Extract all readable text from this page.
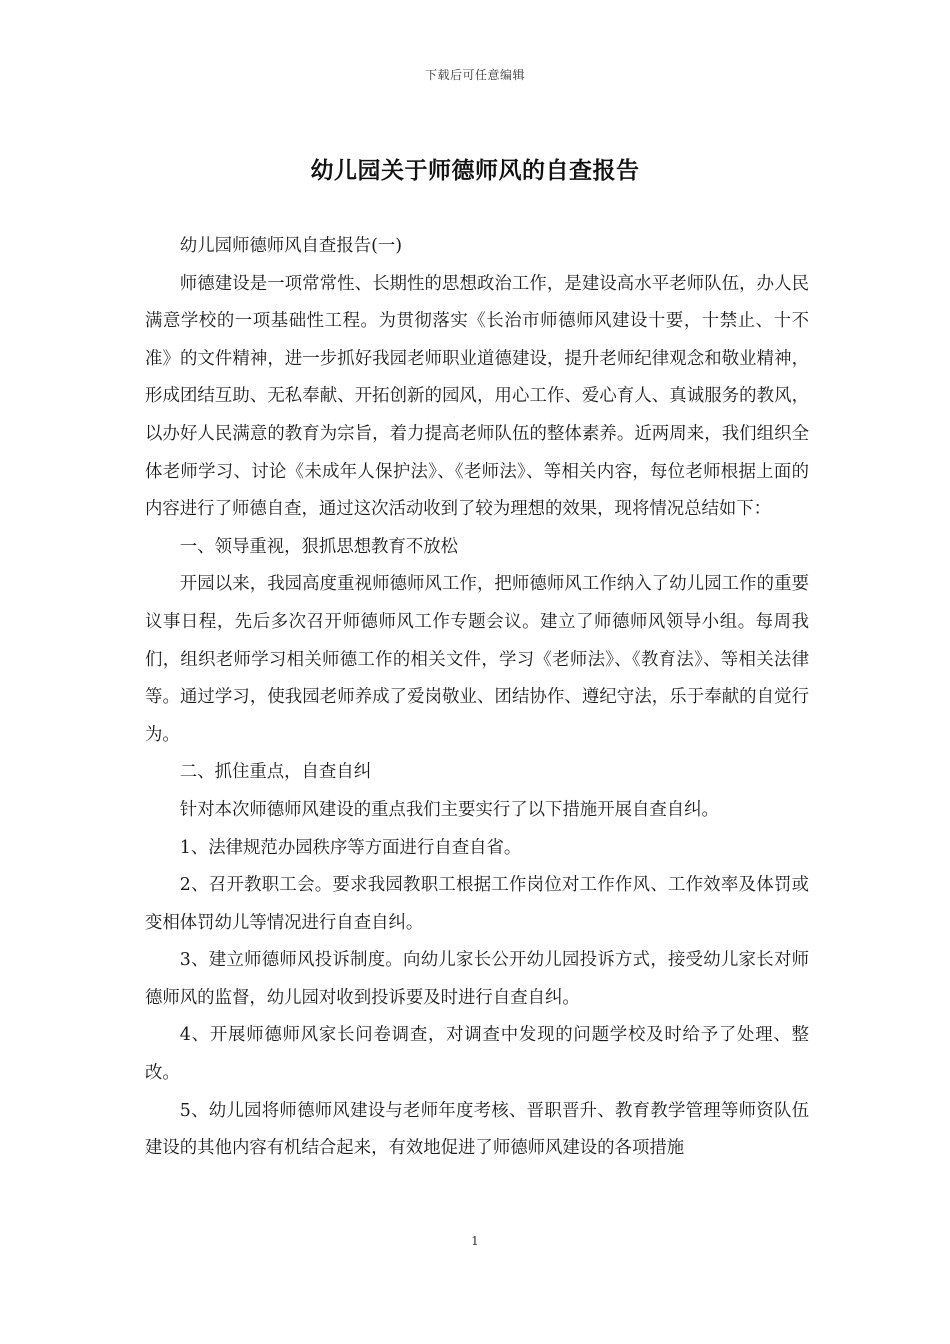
下载后可任意编辑
幼儿园关于师德师风的自查报告

幼儿园师德师风自查报告(一)

师德建设是一项常常性、长期性的思想政治工作，是建设高水平老师队伍，办人民满意学校的一项基础性工程。为贯彻落实《长治市师德师风建设十要，十禁止、十不准》的文件精神，进一步抓好我园老师职业道德建设，提升老师纪律观念和敬业精神，形成团结互助、无私奉献、开拓创新的园风，用心工作、爱心育人、真诚服务的教风，以办好人民满意的教育为宗旨，着力提高老师队伍的整体素养。近两周来，我们组织全体老师学习、讨论《未成年人保护法》、《老师法》、等相关内容，每位老师根据上面的内容进行了师德自查，通过这次活动收到了较为理想的效果，现将情况总结如下：

一、领导重视，狠抓思想教育不放松

开园以来，我园高度重视师德师风工作，把师德师风工作纳入了幼儿园工作的重要议事日程，先后多次召开师德师风工作专题会议。建立了师德师风领导小组。每周我们，组织老师学习相关师德工作的相关文件，学习《老师法》、《教育法》、等相关法律等。通过学习，使我园老师养成了爱岗敬业、团结协作、遵纪守法，乐于奉献的自觉行为。

二、抓住重点，自查自纠

针对本次师德师风建设的重点我们主要实行了以下措施开展自查自纠。

1、法律规范办园秩序等方面进行自查自省。

2、召开教职工会。要求我园教职工根据工作岗位对工作作风、工作效率及体罚或变相体罚幼儿等情况进行自查自纠。

3、建立师德师风投诉制度。向幼儿家长公开幼儿园投诉方式，接受幼儿家长对师德师风的监督，幼儿园对收到投诉要及时进行自查自纠。

4、开展师德师风家长问卷调查，对调查中发现的问题学校及时给予了处理、整改。

5、幼儿园将师德师风建设与老师年度考核、晋职晋升、教育教学管理等师资队伍建设的其他内容有机结合起来，有效地促进了师德师风建设的各项措施

1
